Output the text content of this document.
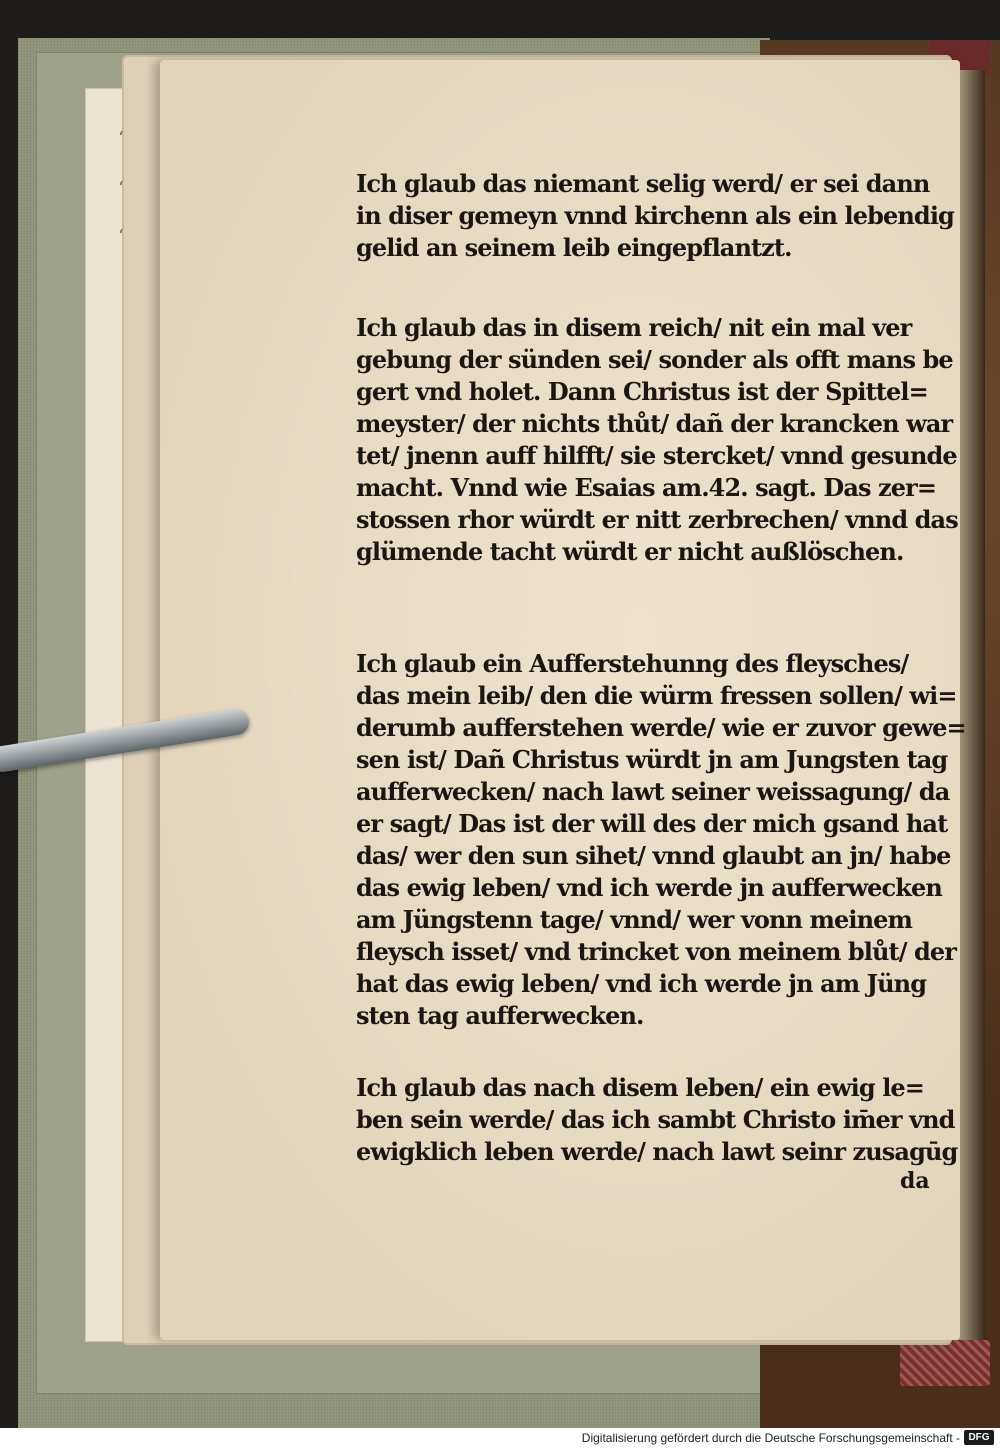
ʻ
ʻ
ʻ
Ich glaub das niemant selig werd/ er sei dann
in diser gemeyn vnnd kirchenn als ein lebendig
gelid an seinem leib eingepflantzt.
Ich glaub das in disem reich/ nit ein mal ver
gebung der sünden sei/ sonder als offt mans be
gert vnd holet. Dann Christus ist der Spittel=
meyster/ der nichts thůt/ dañ der krancken war
tet/ jnenn auff hilfft/ sie stercket/ vnnd gesunde
macht. Vnnd wie Esaias am.42. sagt. Das zer=
stossen rhor würdt er nitt zerbrechen/ vnnd das
glümende tacht würdt er nicht außlöschen.
Ich glaub ein Aufferstehunng des fleysches/
das mein leib/ den die würm fressen sollen/ wi=
derumb aufferstehen werde/ wie er zuvor gewe=
sen ist/ Dañ Christus würdt jn am Jungsten tag
aufferwecken/ nach lawt seiner weissagung/ da
er sagt/ Das ist der will des der mich gsand hat
das/ wer den sun sihet/ vnnd glaubt an jn/ habe
das ewig leben/ vnd ich werde jn aufferwecken
am Jüngstenn tage/ vnnd/ wer vonn meinem
fleysch isset/ vnd trincket von meinem blůt/ der
hat das ewig leben/ vnd ich werde jn am Jüng
sten tag aufferwecken.
Ich glaub das nach disem leben/ ein ewig le=
ben sein werde/ das ich sambt Christo im̄er vnd
ewigklich leben werde/ nach lawt seinr zusagūg
da
Digitalisierung gefördert durch die Deutsche Forschungsgemeinschaft - DFG
